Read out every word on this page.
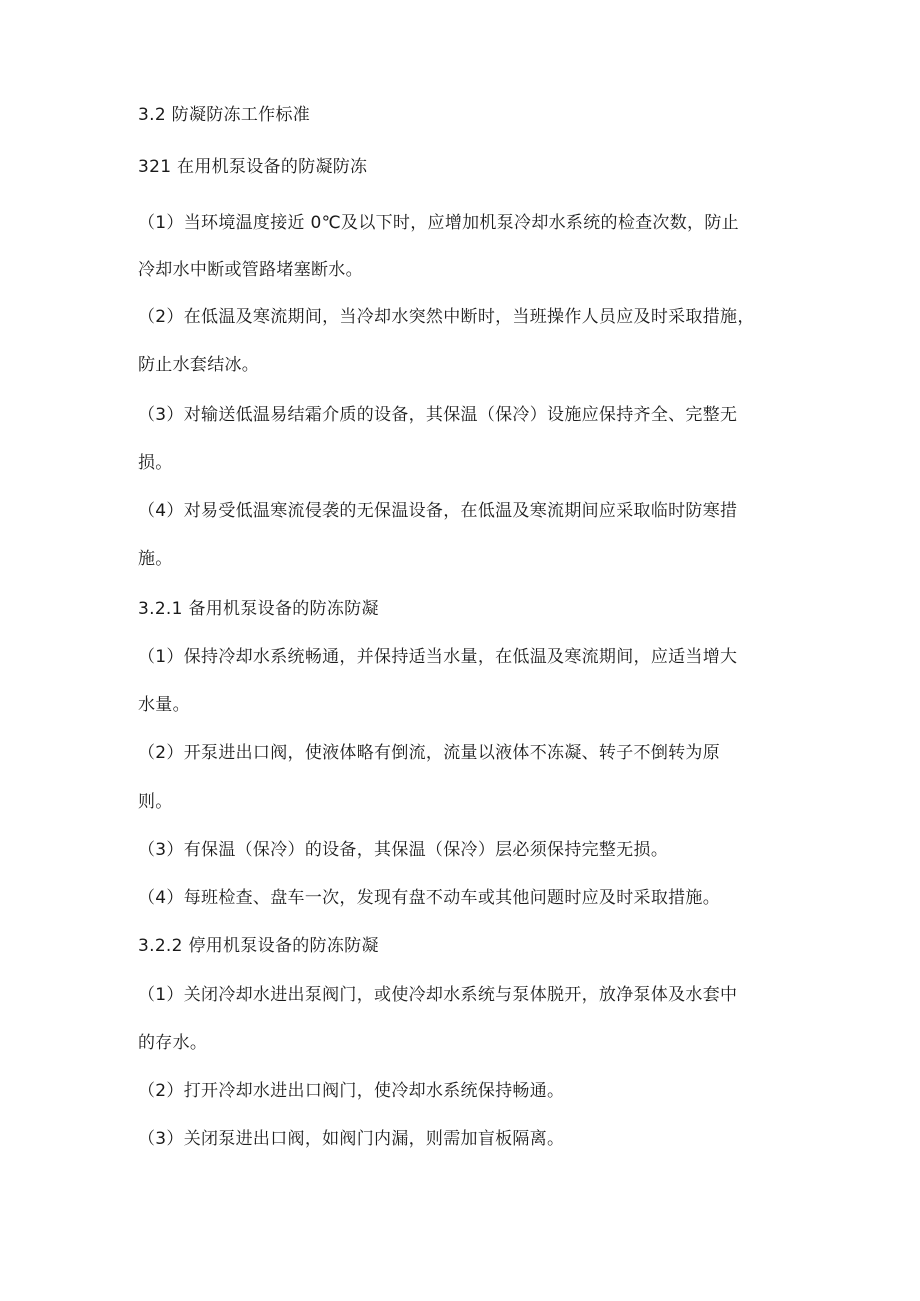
3.2 防凝防冻工作标准
321 在用机泵设备的防凝防冻
（1）当环境温度接近 0℃及以下时，应增加机泵冷却水系统的检查次数，防止
冷却水中断或管路堵塞断水。
（2）在低温及寒流期间，当冷却水突然中断时，当班操作人员应及时采取措施，
防止水套结冰。
（3）对输送低温易结霜介质的设备，其保温（保冷）设施应保持齐全、完整无
损。
（4）对易受低温寒流侵袭的无保温设备，在低温及寒流期间应采取临时防寒措
施。
3.2.1 备用机泵设备的防冻防凝
（1）保持冷却水系统畅通，并保持适当水量，在低温及寒流期间，应适当增大
水量。
（2）开泵进出口阀，使液体略有倒流，流量以液体不冻凝、转子不倒转为原
则。
（3）有保温（保冷）的设备，其保温（保冷）层必须保持完整无损。
（4）每班检查、盘车一次，发现有盘不动车或其他问题时应及时采取措施。
3.2.2 停用机泵设备的防冻防凝
（1）关闭冷却水进出泵阀门，或使冷却水系统与泵体脱开，放净泵体及水套中
的存水。
（2）打开冷却水进出口阀门，使冷却水系统保持畅通。
（3）关闭泵进出口阀，如阀门内漏，则需加盲板隔离。
